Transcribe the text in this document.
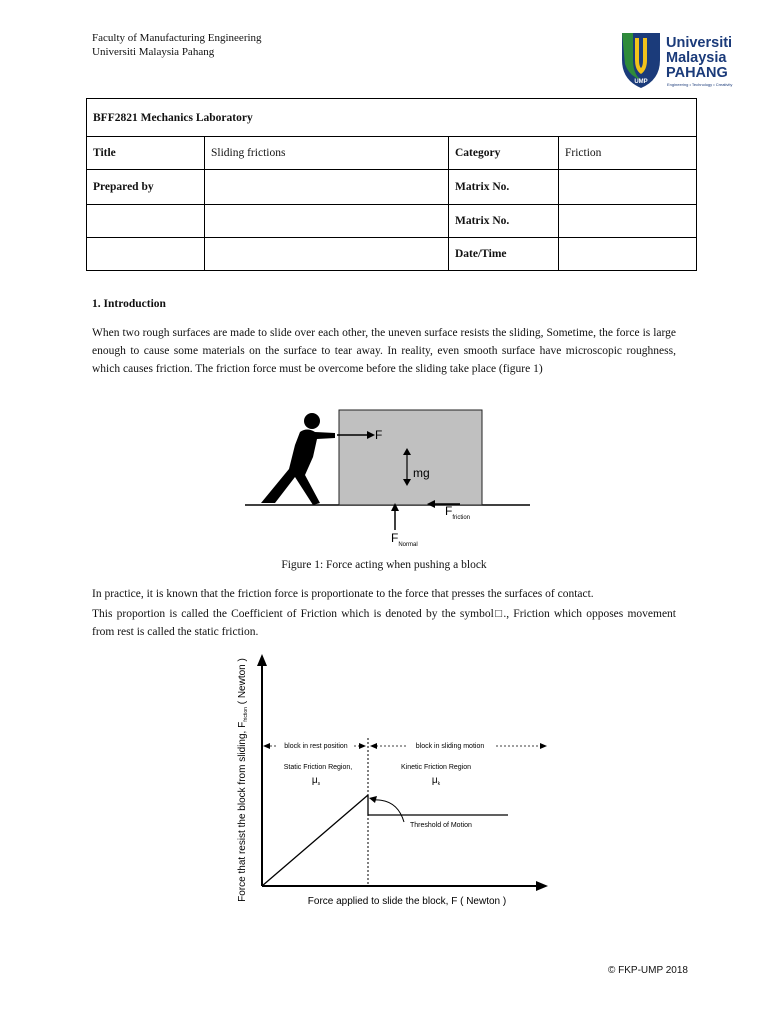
Faculty of Manufacturing Engineering
Universiti Malaysia Pahang
UMP
Universiti
Malaysia
PAHANG
Engineering • Technology • Creativity
BFF2821 Mechanics Laboratory			
Title	Sliding frictions	Category	Friction
Prepared by		Matrix No.	
		Matrix No.	
		Date/Time	
1. Introduction

When two rough surfaces are made to slide over each other, the uneven surface resists the sliding, Sometime, the force is large enough to cause some materials on the surface to tear away. In reality, even smooth surface have microscopic roughness, which causes friction. The friction force must be overcome before the sliding take place (figure 1)

F
mg
$F_{friction}$
$F_{Normal}$
Figure 1: Force acting when pushing a block

In practice, it is known that the friction force is proportionate to the force that presses the surfaces of contact.

This proportion is called the Coefficient of Friction which is denoted by the symbol□., Friction which opposes movement from rest is called the static friction.

block in rest position	block in sliding motion
Static Friction Region,
$\mu_s$
Kinetic Friction Region
$\mu_k$
Threshold of Motion
Force applied to slide the block, F ( Newton )
Force that resist the block from sliding, $F_{friction}$ ( Newton )
© FKP-UMP 2018
